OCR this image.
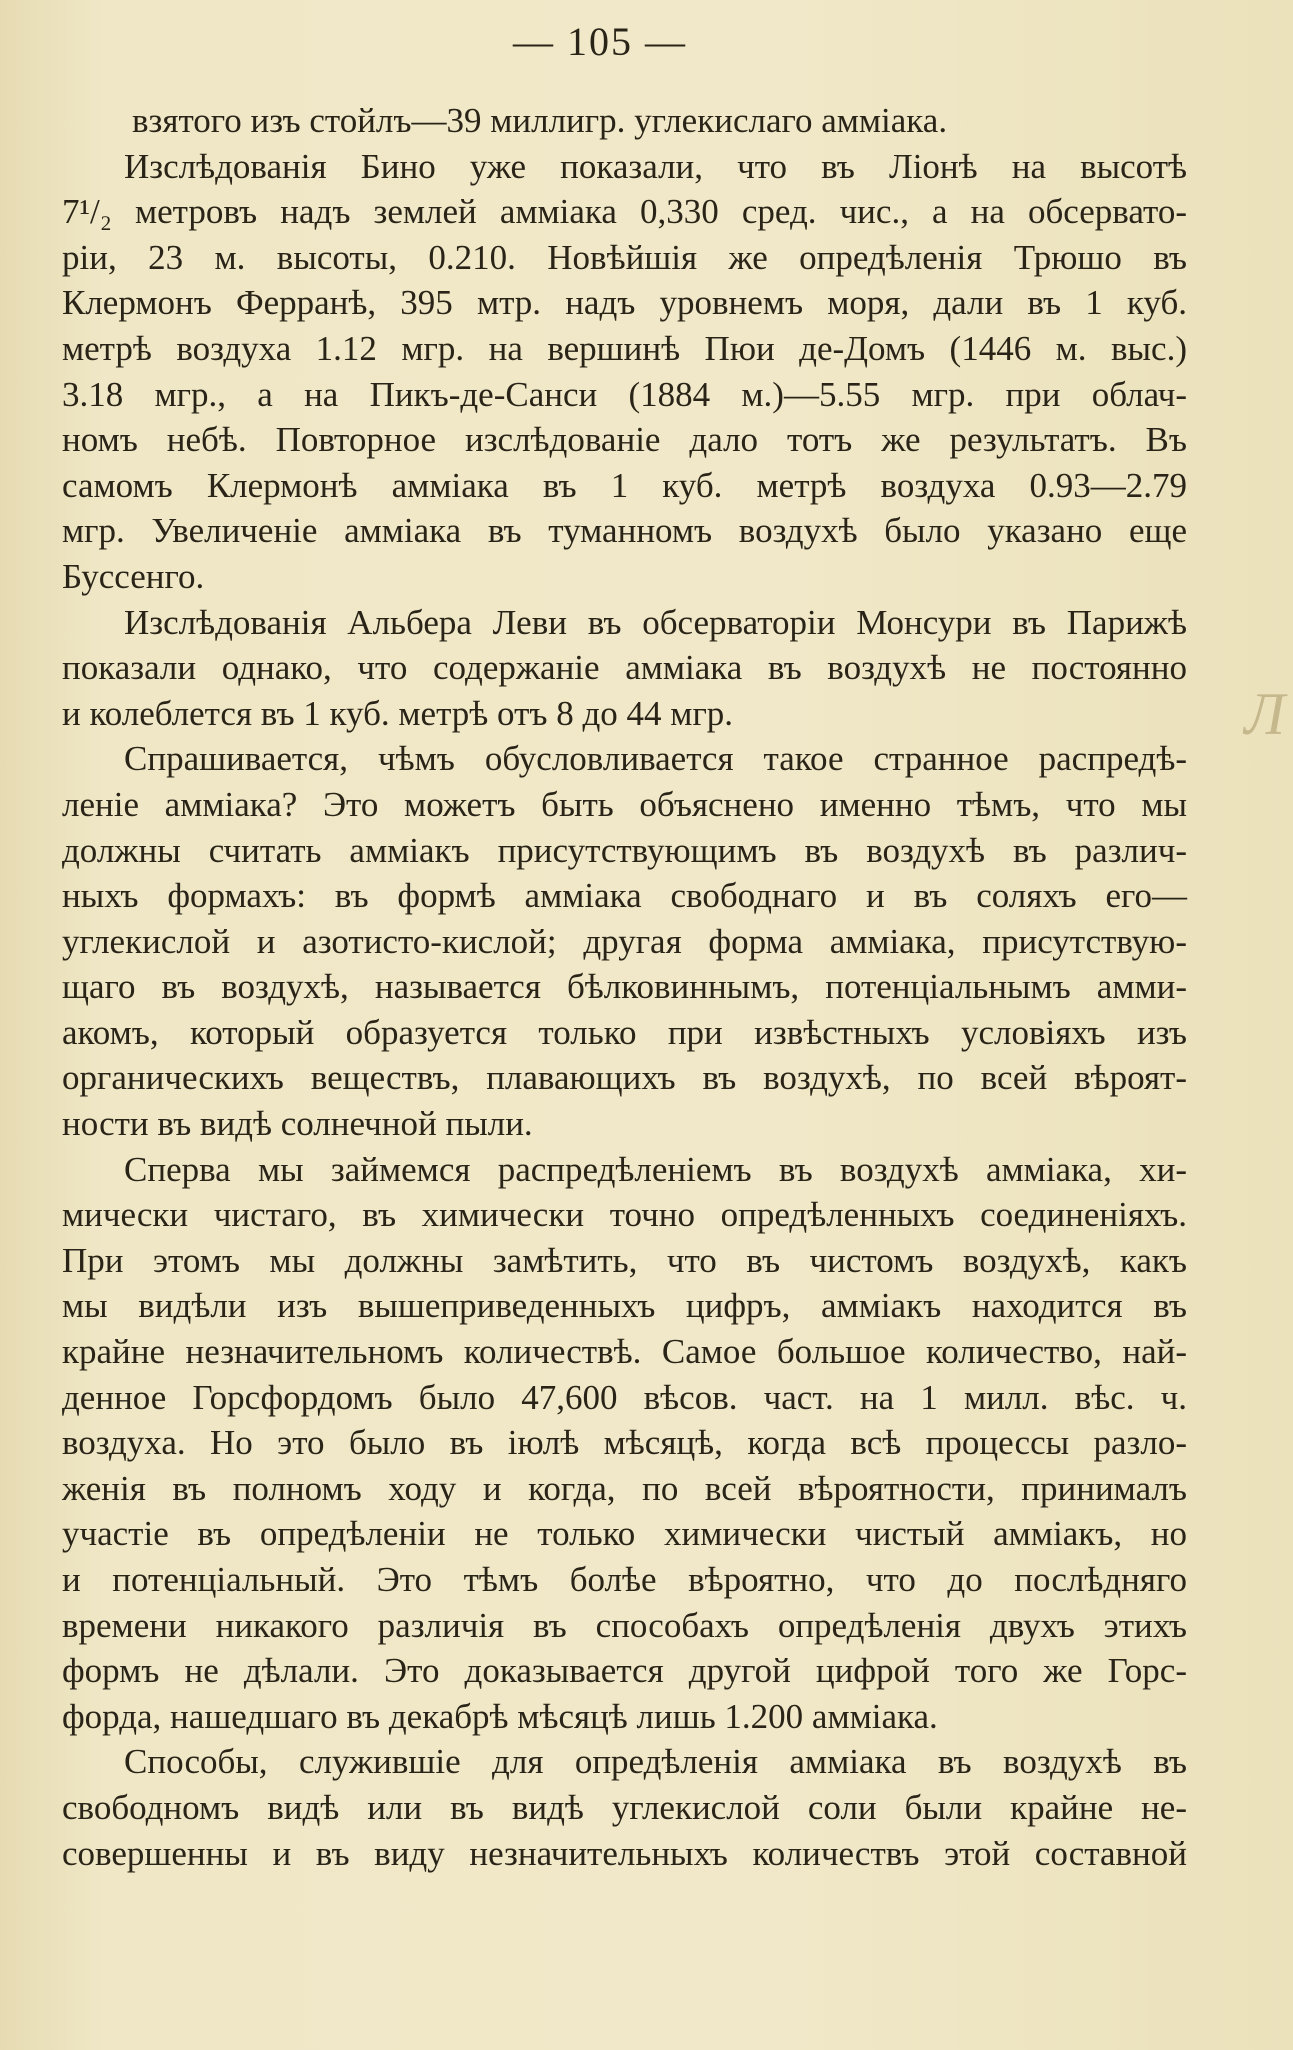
— 105 —
взятого изъ стойлъ—39 миллигр. углекислаго амміака.
Изслѣдованія Бино уже показали, что въ Ліонѣ на высотѣ
7¹/₂ метровъ надъ землей амміака 0,330 сред. чис., а на обсервато-
ріи, 23 м. высоты, 0.210. Новѣйшія же опредѣленія Трюшо въ
Клермонъ Ферранѣ, 395 мтр. надъ уровнемъ моря, дали въ 1 куб.
метрѣ воздуха 1.12 мгр. на вершинѣ Пюи де-Домъ (1446 м. выс.)
3.18 мгр., а на Пикъ-де-Санси (1884 м.)—5.55 мгр. при облач-
номъ небѣ. Повторное изслѣдованіе дало тотъ же результатъ. Въ
самомъ Клермонѣ амміака въ 1 куб. метрѣ воздуха 0.93—2.79
мгр. Увеличеніе амміака въ туманномъ воздухѣ было указано еще
Буссенго.
Изслѣдованія Альбера Леви въ обсерваторіи Монсури въ Парижѣ
показали однако, что содержаніе амміака въ воздухѣ не постоянно
и колеблется въ 1 куб. метрѣ отъ 8 до 44 мгр.
Спрашивается, чѣмъ обусловливается такое странное распредѣ-
леніе амміака? Это можетъ быть объяснено именно тѣмъ, что мы
должны считать амміакъ присутствующимъ въ воздухѣ въ различ-
ныхъ формахъ: въ формѣ амміака свободнаго и въ соляхъ его—
углекислой и азотисто-кислой; другая форма амміака, присутствую-
щаго въ воздухѣ, называется бѣлковиннымъ, потенціальнымъ амми-
акомъ, который образуется только при извѣстныхъ условіяхъ изъ
органическихъ веществъ, плавающихъ въ воздухѣ, по всей вѣроят-
ности въ видѣ солнечной пыли.
Сперва мы займемся распредѣленіемъ въ воздухѣ амміака, хи-
мически чистаго, въ химически точно опредѣленныхъ соединеніяхъ.
При этомъ мы должны замѣтить, что въ чистомъ воздухѣ, какъ
мы видѣли изъ вышеприведенныхъ цифръ, амміакъ находится въ
крайне незначительномъ количествѣ. Самое большое количество, най-
денное Горсфордомъ было 47,600 вѣсов. част. на 1 милл. вѣс. ч.
воздуха. Но это было въ іюлѣ мѣсяцѣ, когда всѣ процессы разло-
женія въ полномъ ходу и когда, по всей вѣроятности, принималъ
участіе въ опредѣленіи не только химически чистый амміакъ, но
и потенціальный. Это тѣмъ болѣе вѣроятно, что до послѣдняго
времени никакого различія въ способахъ опредѣленія двухъ этихъ
формъ не дѣлали. Это доказывается другой цифрой того же Горс-
форда, нашедшаго въ декабрѣ мѣсяцѣ лишь 1.200 амміака.
Способы, служившіе для опредѣленія амміака въ воздухѣ въ
свободномъ видѣ или въ видѣ углекислой соли были крайне не-
совершенны и въ виду незначительныхъ количествъ этой составной
Л
